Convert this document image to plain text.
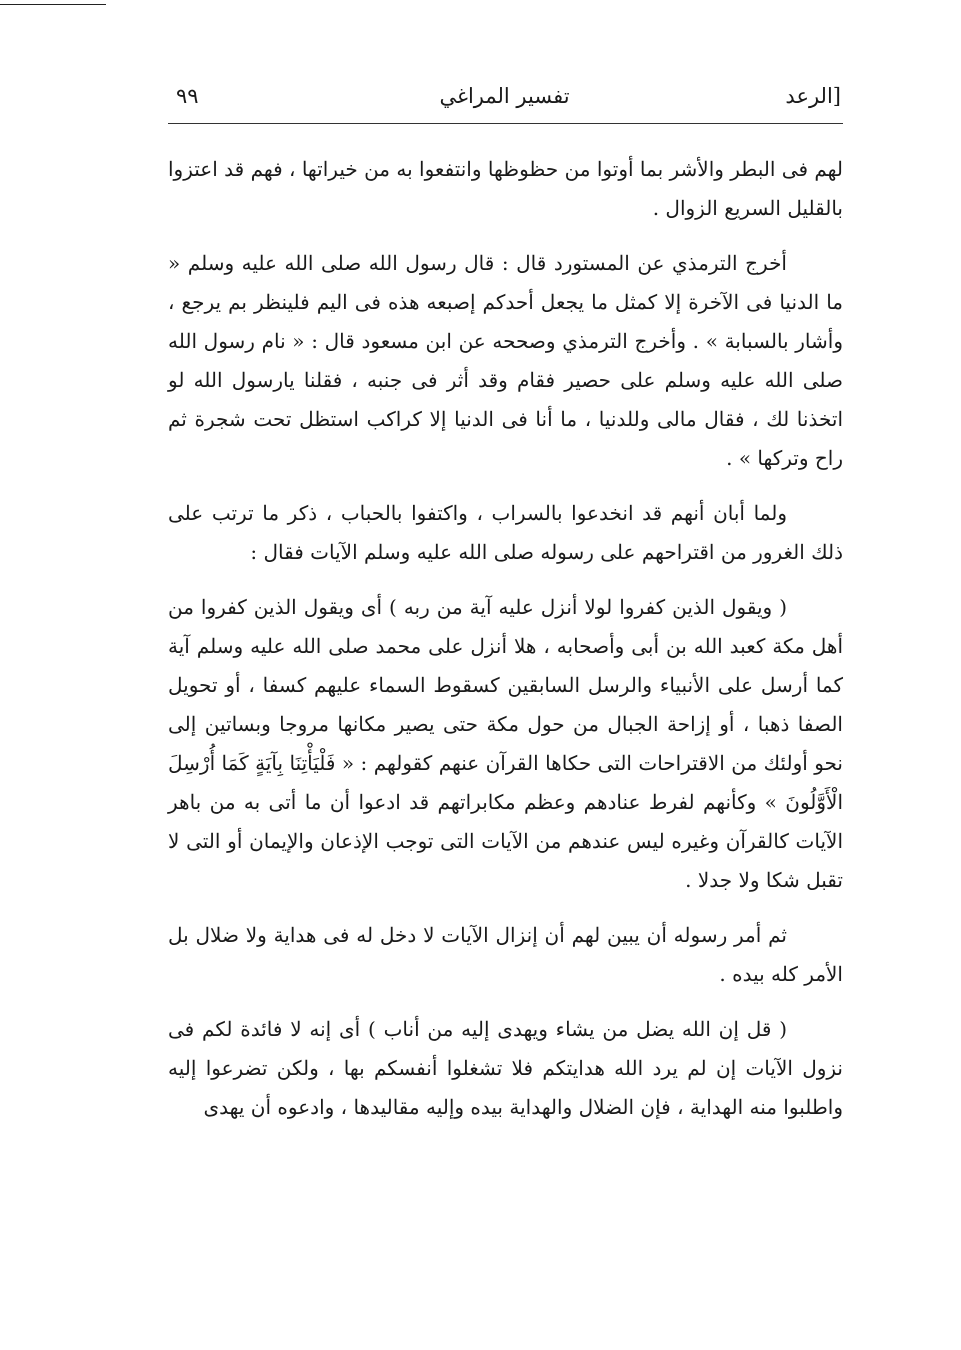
الرعد]
تفسير المراغي
٩٩

لهم فى البطر والأشر بما أوتوا من حظوظها وانتفعوا به من خيراتها ، فهم قد اعتزوا بالقليل السريع الزوال .

أخرج الترمذي عن المستورد قال : قال رسول الله صلى الله عليه وسلم « ما الدنيا فى الآخرة إلا كمثل ما يجعل أحدكم إصبعه هذه فى اليم فلينظر بم يرجع ، وأشار بالسبابة » . وأخرج الترمذي وصححه عن ابن مسعود قال : « نام رسول الله صلى الله عليه وسلم على حصير فقام وقد أثر فى جنبه ، فقلنا يارسول الله لو اتخذنا لك ، فقال مالى وللدنيا ، ما أنا فى الدنيا إلا كراكب استظل تحت شجرة ثم راح وتركها » .

ولما أبان أنهم قد انخدعوا بالسراب ، واكتفوا بالحباب ، ذكر ما ترتب على ذلك الغرور من اقتراحهم على رسوله صلى الله عليه وسلم الآيات فقال :

( ويقول الذين كفروا لولا أنزل عليه آية من ربه ) أى ويقول الذين كفروا من أهل مكة كعبد الله بن أبى وأصحابه ، هلا أنزل على محمد صلى الله عليه وسلم آية كما أرسل على الأنبياء والرسل السابقين كسقوط السماء عليهم كسفا ، أو تحويل الصفا ذهبا ، أو إزاحة الجبال من حول مكة حتى يصير مكانها مروجا وبساتين إلى نحو أولئك من الاقتراحات التى حكاها القرآن عنهم كقولهم : « فَلْيَأْتِنَا بِآيَةٍ كَمَا أُرْسِلَ الْأَوَّلُونَ » وكأنهم لفرط عنادهم وعظم مكابراتهم قد ادعوا أن ما أتى به من باهر الآيات كالقرآن وغيره ليس عندهم من الآيات التى توجب الإذعان والإيمان أو التى لا تقبل شكا ولا جدلا .

ثم أمر رسوله أن يبين لهم أن إنزال الآيات لا دخل له فى هداية ولا ضلال بل الأمر كله بيده .

( قل إن الله يضل من يشاء ويهدى إليه من أناب ) أى إنه لا فائدة لكم فى نزول الآيات إن لم يرد الله هدايتكم فلا تشغلوا أنفسكم بها ، ولكن تضرعوا إليه واطلبوا منه الهداية ، فإن الضلال والهداية بيده وإليه مقاليدها ، وادعوه أن يهدى
